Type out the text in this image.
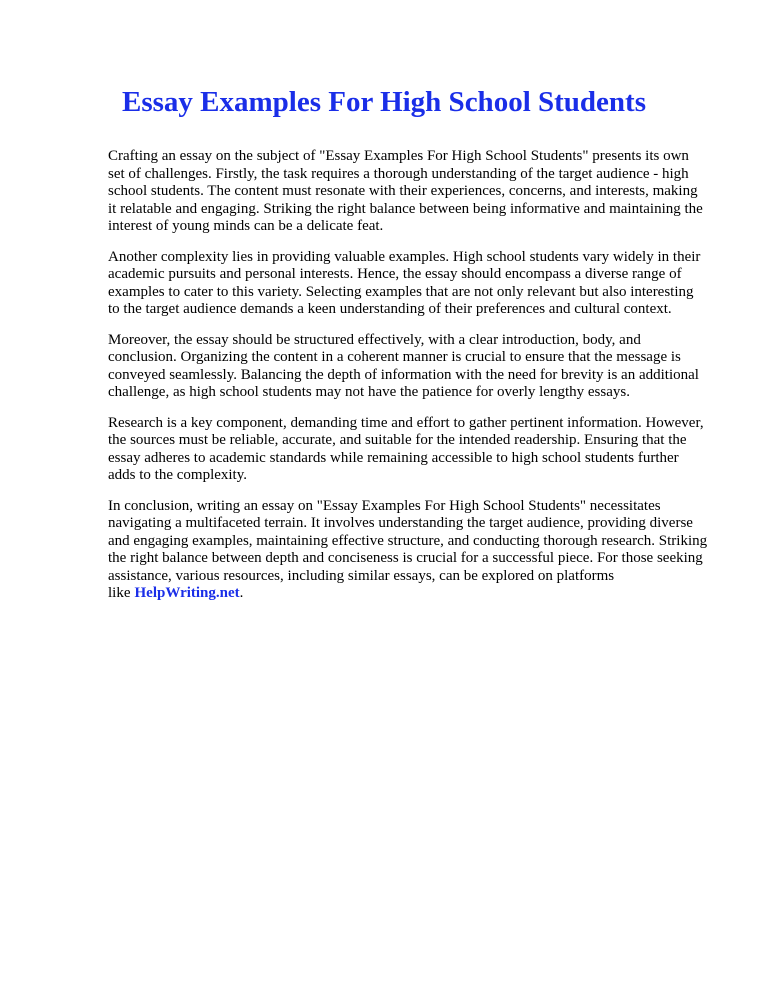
Essay Examples For High School Students

Crafting an essay on the subject of "Essay Examples For High School Students" presents its own set of challenges. Firstly, the task requires a thorough understanding of the target audience - high school students. The content must resonate with their experiences, concerns, and interests, making it relatable and engaging. Striking the right balance between being informative and maintaining the interest of young minds can be a delicate feat.

Another complexity lies in providing valuable examples. High school students vary widely in their academic pursuits and personal interests. Hence, the essay should encompass a diverse range of examples to cater to this variety. Selecting examples that are not only relevant but also interesting to the target audience demands a keen understanding of their preferences and cultural context.

Moreover, the essay should be structured effectively, with a clear introduction, body, and conclusion. Organizing the content in a coherent manner is crucial to ensure that the message is conveyed seamlessly. Balancing the depth of information with the need for brevity is an additional challenge, as high school students may not have the patience for overly lengthy essays.

Research is a key component, demanding time and effort to gather pertinent information. However, the sources must be reliable, accurate, and suitable for the intended readership. Ensuring that the essay adheres to academic standards while remaining accessible to high school students further adds to the complexity.

In conclusion, writing an essay on "Essay Examples For High School Students" necessitates navigating a multifaceted terrain. It involves understanding the target audience, providing diverse and engaging examples, maintaining effective structure, and conducting thorough research. Striking the right balance between depth and conciseness is crucial for a successful piece. For those seeking assistance, various resources, including similar essays, can be explored on platforms like HelpWriting.net.
